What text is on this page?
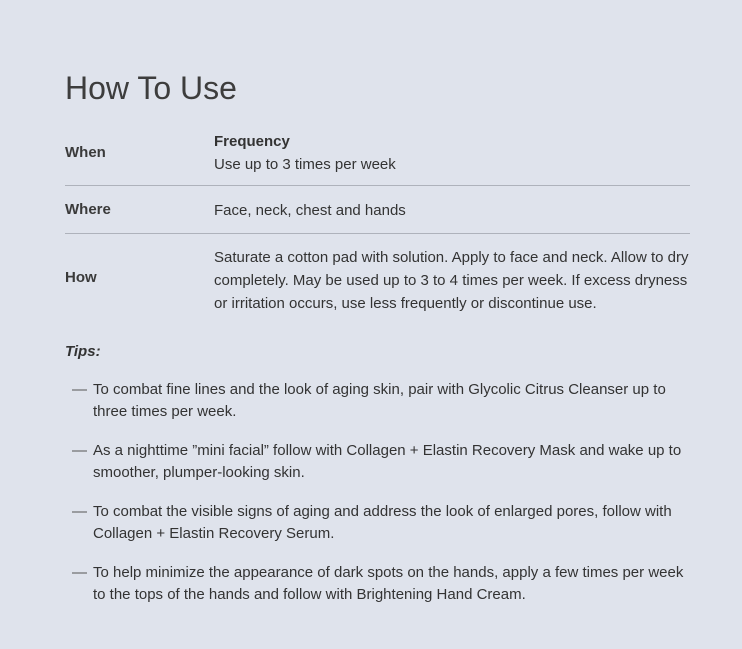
How To Use
When
Frequency
Use up to 3 times per week
Where	Face, neck, chest and hands
How
Saturate a cotton pad with solution. Apply to face and neck. Allow to dry completely. May be used up to 3 to 4 times per week. If excess dryness or irritation occurs, use less frequently or discontinue use.

Tips:

— To combat fine lines and the look of aging skin, pair with Glycolic Citrus Cleanser up to three times per week.
— As a nighttime ”mini facial” follow with Collagen + Elastin Recovery Mask and wake up to smoother, plumper-looking skin.
— To combat the visible signs of aging and address the look of enlarged pores, follow with Collagen + Elastin Recovery Serum.
— To help minimize the appearance of dark spots on the hands, apply a few times per week to the tops of the hands and follow with Brightening Hand Cream.
